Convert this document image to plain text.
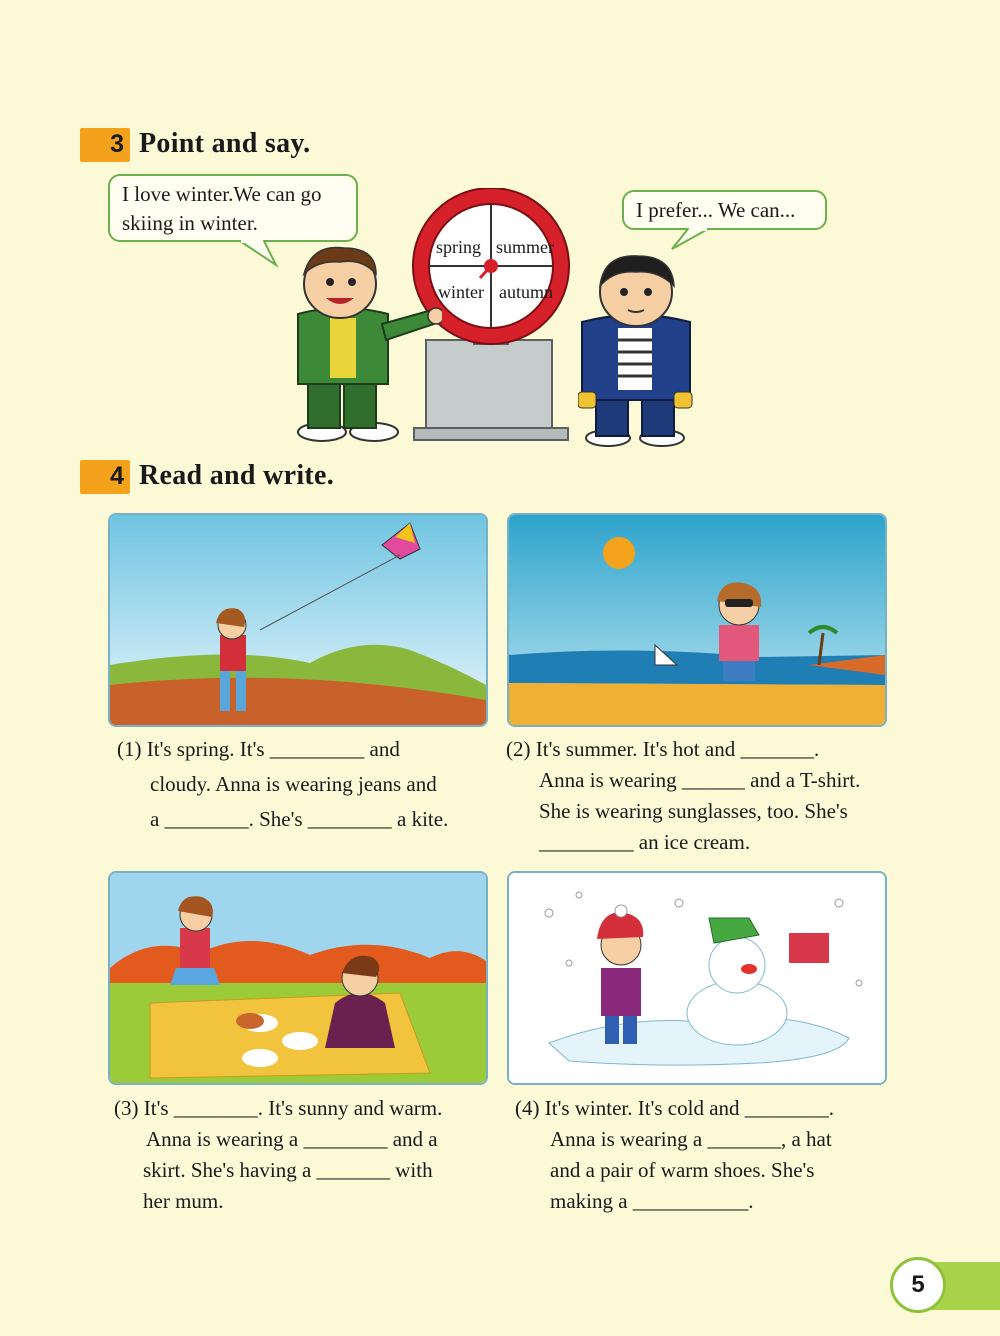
3 Point and say.
I love winter.We can go
skiing in winter.
I prefer... We can...
spring summer
winter autumn
4 Read and write.

(1) It's spring. It's _________ and

cloudy. Anna is wearing jeans and

a ________. She's ________ a kite.

(2) It's summer. It's hot and _______.

Anna is wearing ______ and a T-shirt.

She is wearing sunglasses, too. She's

_________ an ice cream.

(3) It's ________. It's sunny and warm.

Anna is wearing a ________ and a

skirt. She's having a _______ with

her mum.

(4) It's winter. It's cold and ________.

Anna is wearing a _______, a hat

and a pair of warm shoes. She's

making a ___________.

5
